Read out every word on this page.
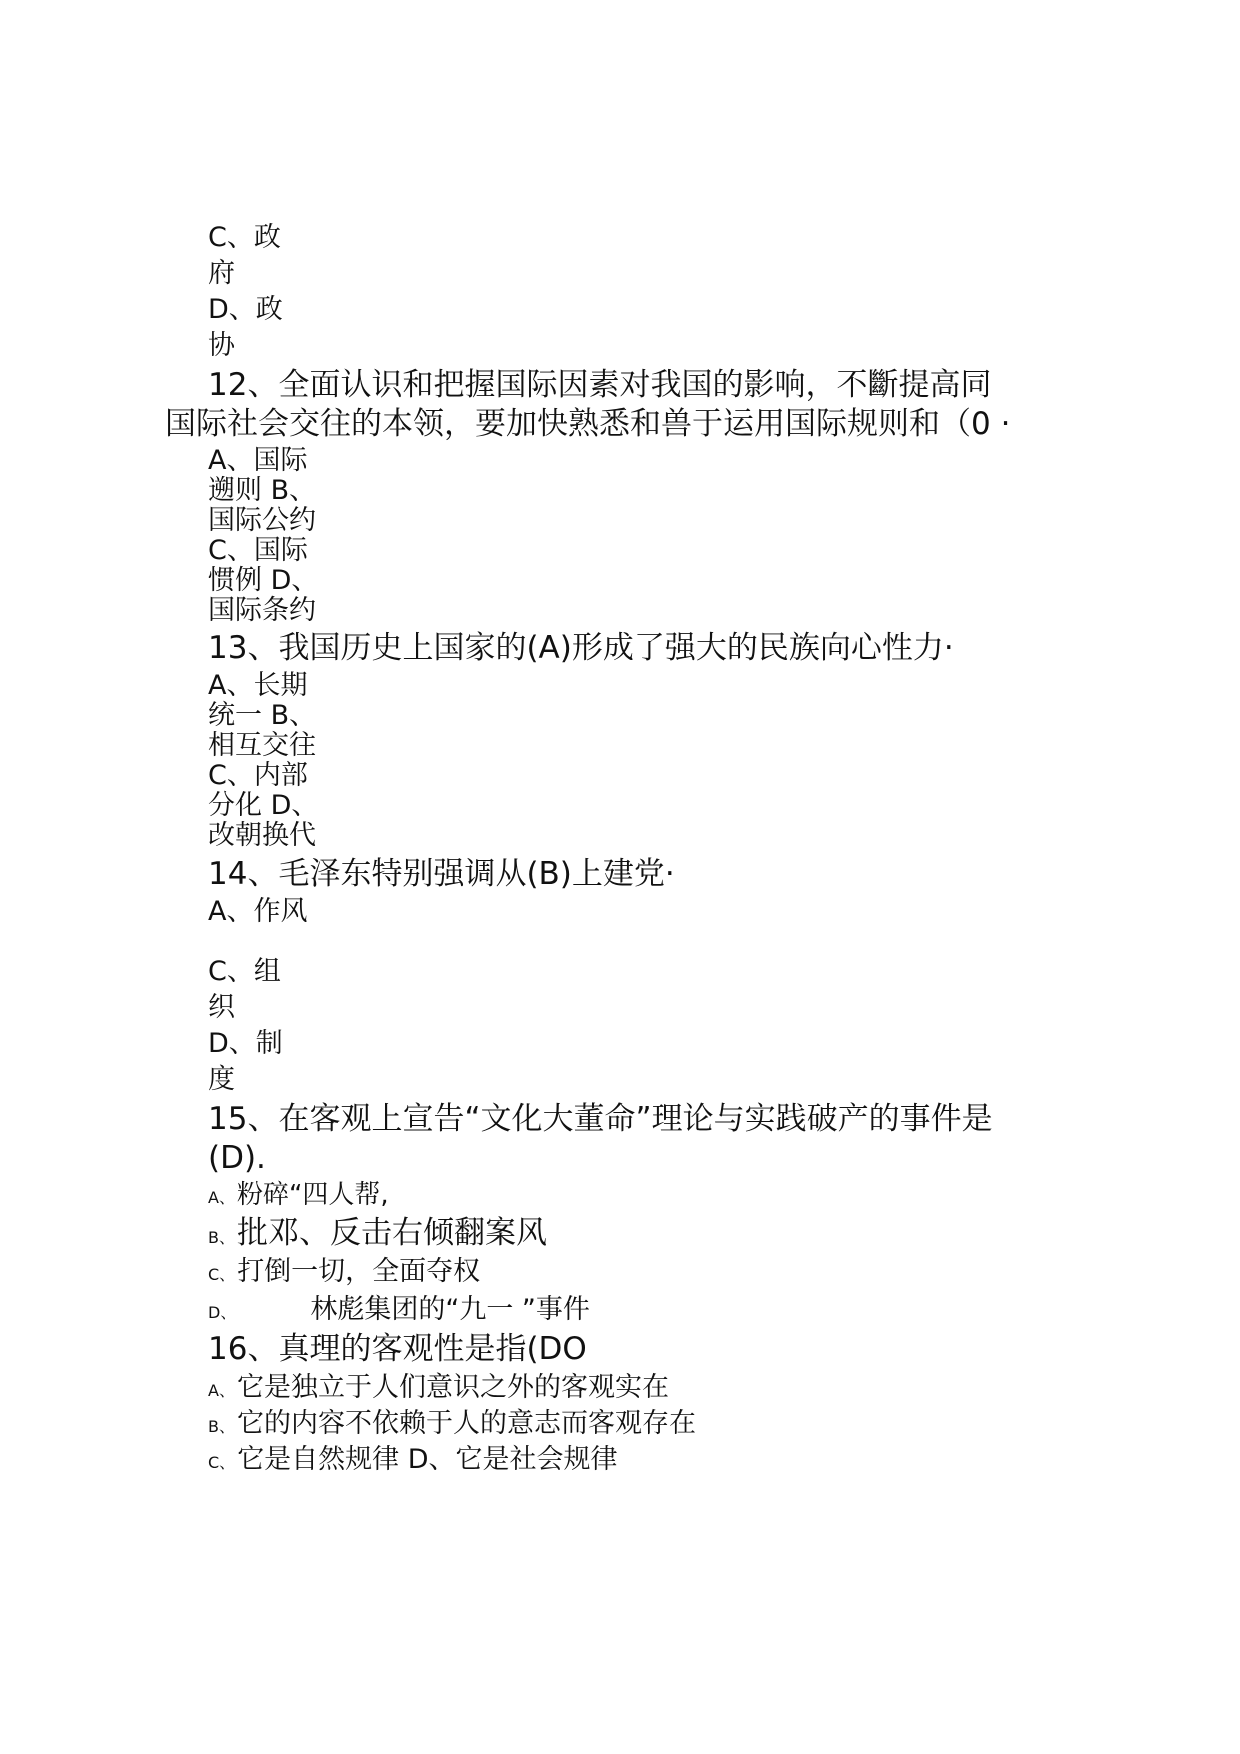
C、政

府

D、政

协

12、全面认识和把握国际因素对我国的影响，不斷提高同

国际社会交往的本领，要加快熟悉和兽于运用国际规则和（0 ·

A、国际

遡则 B、

国际公约

C、国际

惯例 D、

国际条约

13、我国历史上国家的(A)形成了强大的民族向心性力·

A、长期

统一 B、

相互交往

C、内部

分化 D、

改朝换代

14、毛泽东特别强调从(B)上建党·

A、作风

C、组

织

D、制

度

15、在客观上宣告“文化大董命”理论与实践破产的事件是

(D).

A、粉碎“四人帮,

B、批邓、反击右倾翻案风

C、打倒一切，全面夺权

D、	林彪集团的“九一 ”事件

16、真理的客观性是指(DO

A、它是独立于人们意识之外的客观实在

B、它的内容不依赖于人的意志而客观存在

C、它是自然规律 D、它是社会规律
